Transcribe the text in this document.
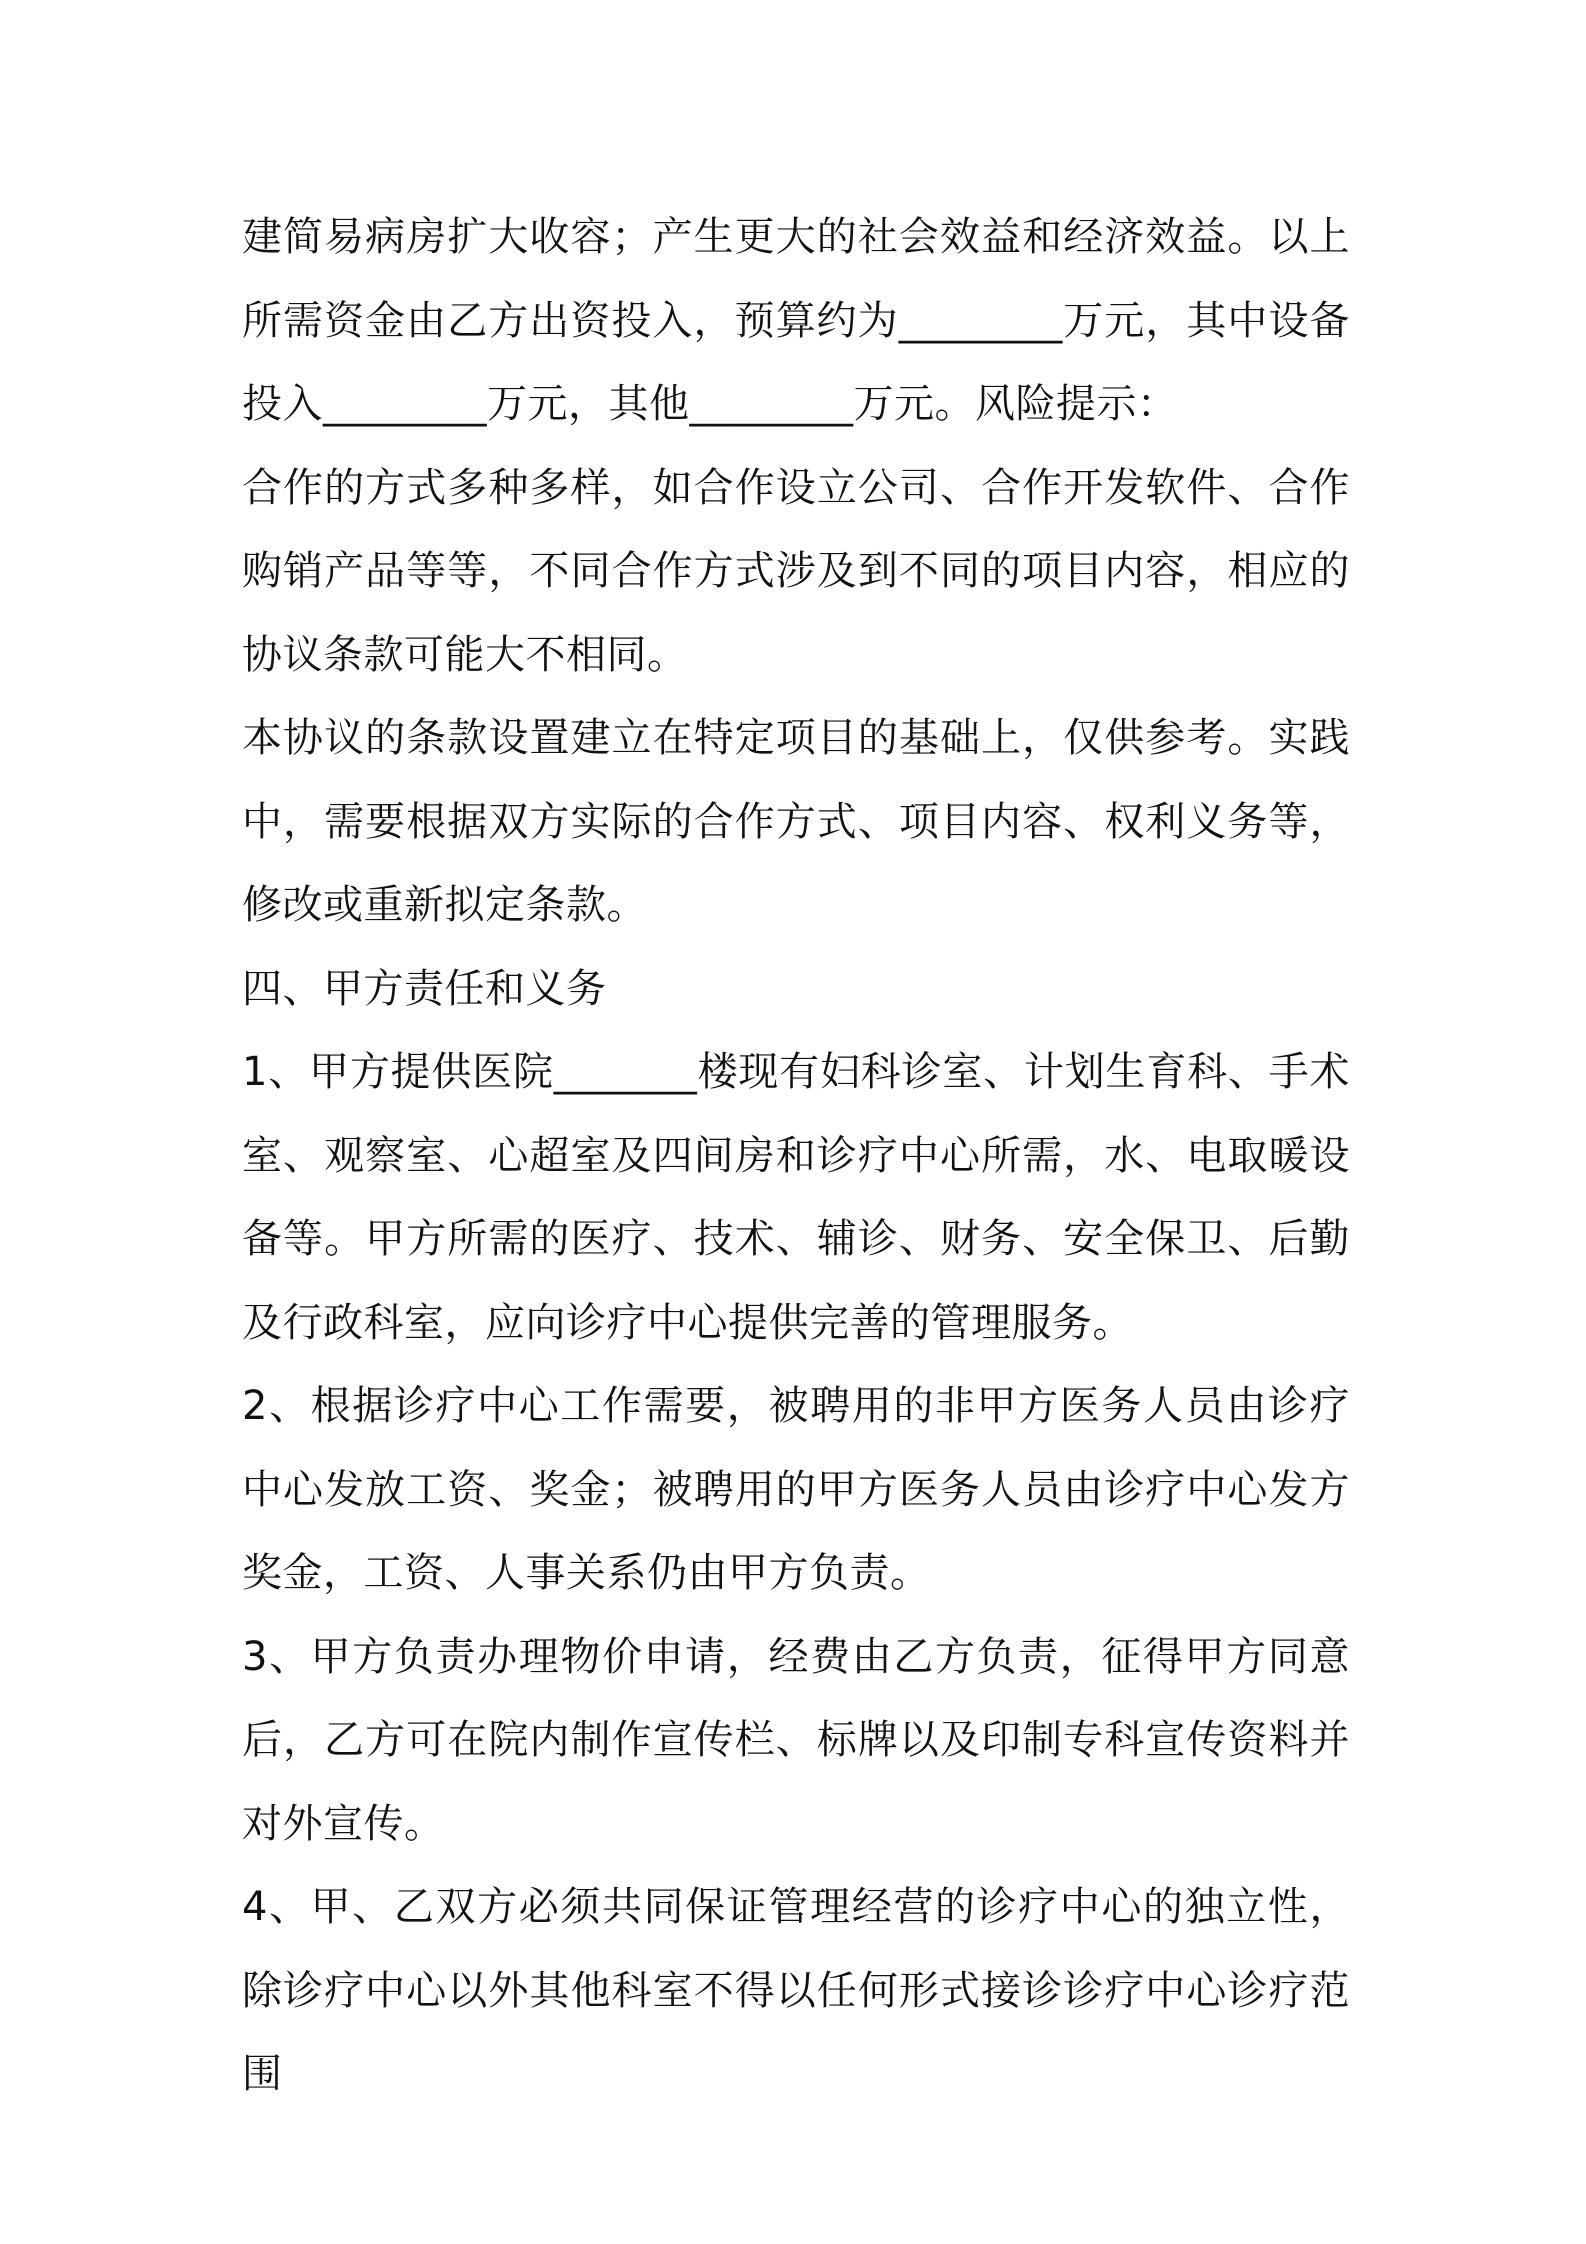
建简易病房扩大收容；产生更大的社会效益和经济效益。以上所需资金由乙方出资投入，预算约为________万元，其中设备投入________万元，其他________万元。风险提示：

合作的方式多种多样，如合作设立公司、合作开发软件、合作购销产品等等，不同合作方式涉及到不同的项目内容，相应的协议条款可能大不相同。

本协议的条款设置建立在特定项目的基础上，仅供参考。实践中，需要根据双方实际的合作方式、项目内容、权利义务等，修改或重新拟定条款。

四、甲方责任和义务

1、甲方提供医院_______楼现有妇科诊室、计划生育科、手术室、观察室、心超室及四间房和诊疗中心所需，水、电取暖设备等。甲方所需的医疗、技术、辅诊、财务、安全保卫、后勤及行政科室，应向诊疗中心提供完善的管理服务。

2、根据诊疗中心工作需要，被聘用的非甲方医务人员由诊疗中心发放工资、奖金；被聘用的甲方医务人员由诊疗中心发方奖金，工资、人事关系仍由甲方负责。

3、甲方负责办理物价申请，经费由乙方负责，征得甲方同意后，乙方可在院内制作宣传栏、标牌以及印制专科宣传资料并对外宣传。

4、甲、乙双方必须共同保证管理经营的诊疗中心的独立性，除诊疗中心以外其他科室不得以任何形式接诊诊疗中心诊疗范围
